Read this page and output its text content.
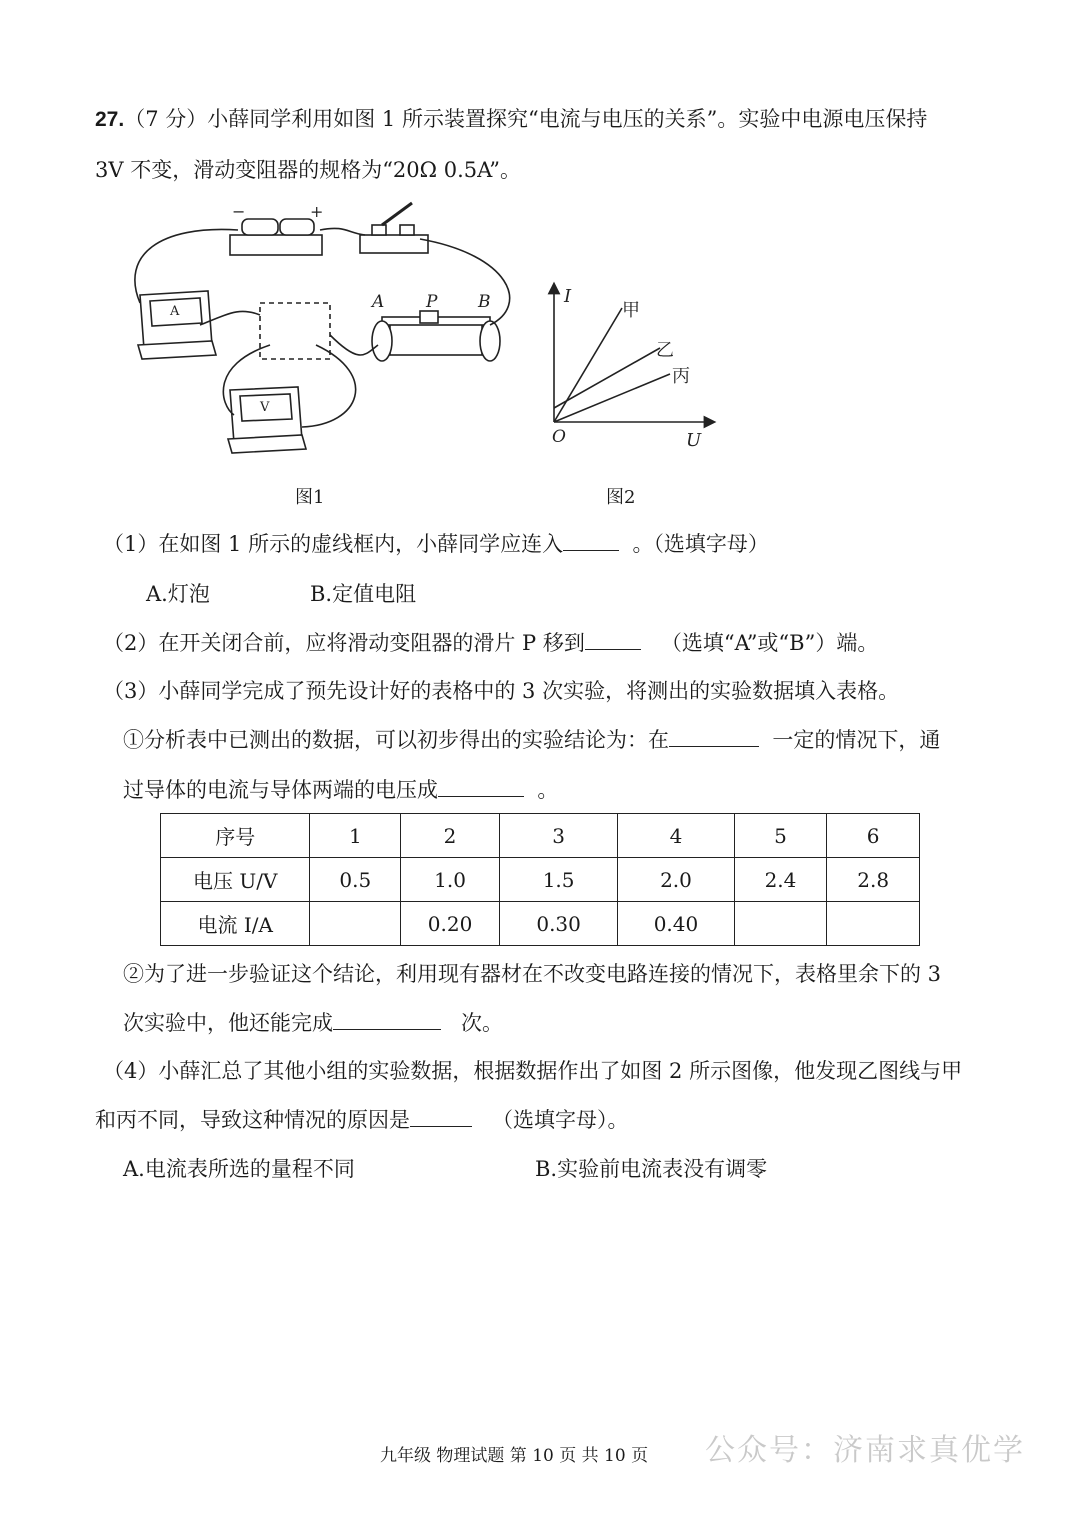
27.（7 分）小薛同学利用如图 1 所示装置探究“电流与电压的关系”。实验中电源电压保持
3V 不变，滑动变阻器的规格为“20Ω 0.5A”。
−	+
A
V
A P B
图1
I
U
O
甲
乙
丙
图2
（1）在如图 1 所示的虚线框内，小薛同学应连入	。（选填字母）
A.灯泡	B.定值电阻
（2）在开关闭合前，应将滑动变阻器的滑片 P 移到	（选填“A”或“B”）端。
（3）小薛同学完成了预先设计好的表格中的 3 次实验，将测出的实验数据填入表格。
①分析表中已测出的数据，可以初步得出的实验结论为：在	一定的情况下，通
过导体的电流与导体两端的电压成	。
序号	1	2	3	4	5	6
电压 U/V	0.5	1.0	1.5	2.0	2.4	2.8
电流 I/A		0.20	0.30	0.40		
②为了进一步验证这个结论，利用现有器材在不改变电路连接的情况下，表格里余下的 3
次实验中，他还能完成	次。
（4）小薛汇总了其他小组的实验数据，根据数据作出了如图 2 所示图像，他发现乙图线与甲
和丙不同，导致这种情况的原因是	（选填字母）。
A.电流表所选的量程不同	B.实验前电流表没有调零
九年级 物理试题 第 10 页 共 10 页 公众号：济南求真优学
